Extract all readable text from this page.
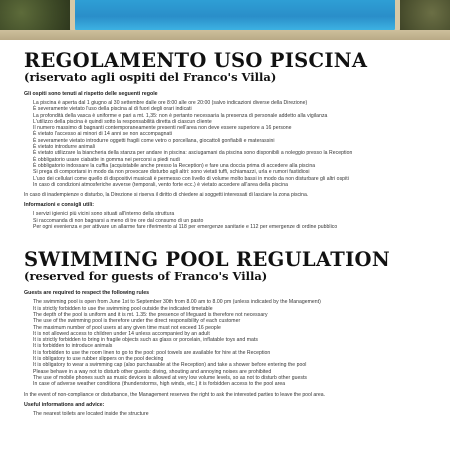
REGOLAMENTO USO PISCINA
(riservato agli ospiti del Franco's Villa)
Gli ospiti sono tenuti al rispetto delle seguenti regole
La piscina è aperta dal 1 giugno al 30 settembre dalle ore 8:00 alle ore 20:00 (salvo indicazioni diverse della Direzione)
È severamente vietato l'uso della piscina al di fuori degli orari indicati
La profondità della vasca è uniforme e pari a mt. 1,35: non è pertanto necessaria la presenza di personale addetto alla vigilanza
L'utilizzo della piscina è quindi sotto la responsabilità diretta di ciascun cliente
Il numero massimo di bagnanti contemporaneamente presenti nell'area non deve essere superiore a 16 persone
È vietato l'accesso ai minori di 14 anni se non accompagnati
È severamente vietato introdurre oggetti fragili come vetro o porcellana, giocattoli gonfiabili e materassini
È vietato introdurre animali
È vietato utilizzare la biancheria della stanza per andare in piscina: asciugamani da piscina sono disponibili a noleggio presso la Reception
È obbligatorio usare ciabatte in gomma nei percorsi a piedi nudi
È obbligatorio indossare la cuffia (acquistabile anche presso la Reception) e fare una doccia prima di accedere alla piscina
Si prega di comportarsi in modo da non provocare disturbo agli altri: sono vietati tuffi, schiamazzi, urla e rumori fastidiosi
L'uso dei cellulari come quello di dispositivi musicali è permesso con livello di volume molto bassi in modo da non disturbare gli altri ospiti
In caso di condizioni atmosferiche avverse (temporali, vento forte ecc.) è vietato accedere all'area della piscina

In caso di inadempienze o disturbo, la Direzione si riserva il diritto di chiedere ai soggetti interessati di lasciare la zona piscina.

Informazioni e consigli utili:
I servizi igienici più vicini sono situati all'interno della struttura
Si raccomanda di non bagnarsi a meno di tre ore dal consumo di un pasto
Per ogni evenienza e per attivare un allarme fare riferimento al 118 per emergenze sanitarie e 112 per emergenze di ordine pubblico
SWIMMING POOL REGULATION
(reserved for guests of Franco's Villa)
Guests are required to respect the following rules
The swimming pool is open from June 1st to September 30th from 8.00 am to 8.00 pm (unless indicated by the Management)
It is strictly forbidden to use the swimming pool outside the indicated timetable
The depth of the pool is uniform and it is mt. 1.35: the presence of lifeguard is therefore not necessary
The use of the swimming pool is therefore under the direct responsibility of each customer
The maximum number of pool users at any given time must not exceed 16 people
It is not allowed access to children under 14 unless accompanied by an adult
It is strictly forbidden to bring in fragile objects such as glass or porcelain, inflatable toys and mats
It is forbidden to introduce animals
It is forbidden to use the room linen to go to the pool: pool towels are available for hire at the Reception
It is obligatory to use rubber slippers on the pool decking
It is obligatory to wear a swimming cap (also purchasable at the Reception) and take a shower before entering the pool
Please behave in a way not to disturb other guests: diving, shouting and annoying noises are prohibited
The use of mobile phones such as music devices is allowed at very low volume levels, so as not to disturb other guests
In case of adverse weather conditions (thunderstorms, high winds, etc.) it is forbidden access to the pool area

In the event of non-compliance or disturbance, the Management reserves the right to ask the interested parties to leave the pool area.

Useful informations and advice:
The nearest toilets are located inside the structure
